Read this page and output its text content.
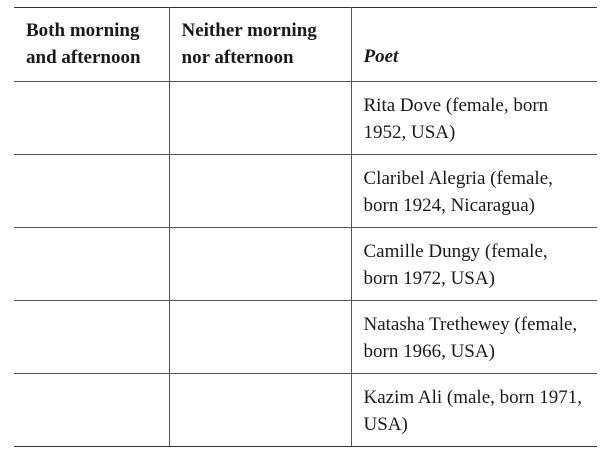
Both morning and afternoon	Neither morning nor afternoon	Poet
		Rita Dove (female, born 1952, USA)
		Claribel Alegria (female, born 1924, Nicaragua)
		Camille Dungy (female, born 1972, USA)
		Natasha Trethewey (female, born 1966, USA)
		Kazim Ali (male, born 1971, USA)
